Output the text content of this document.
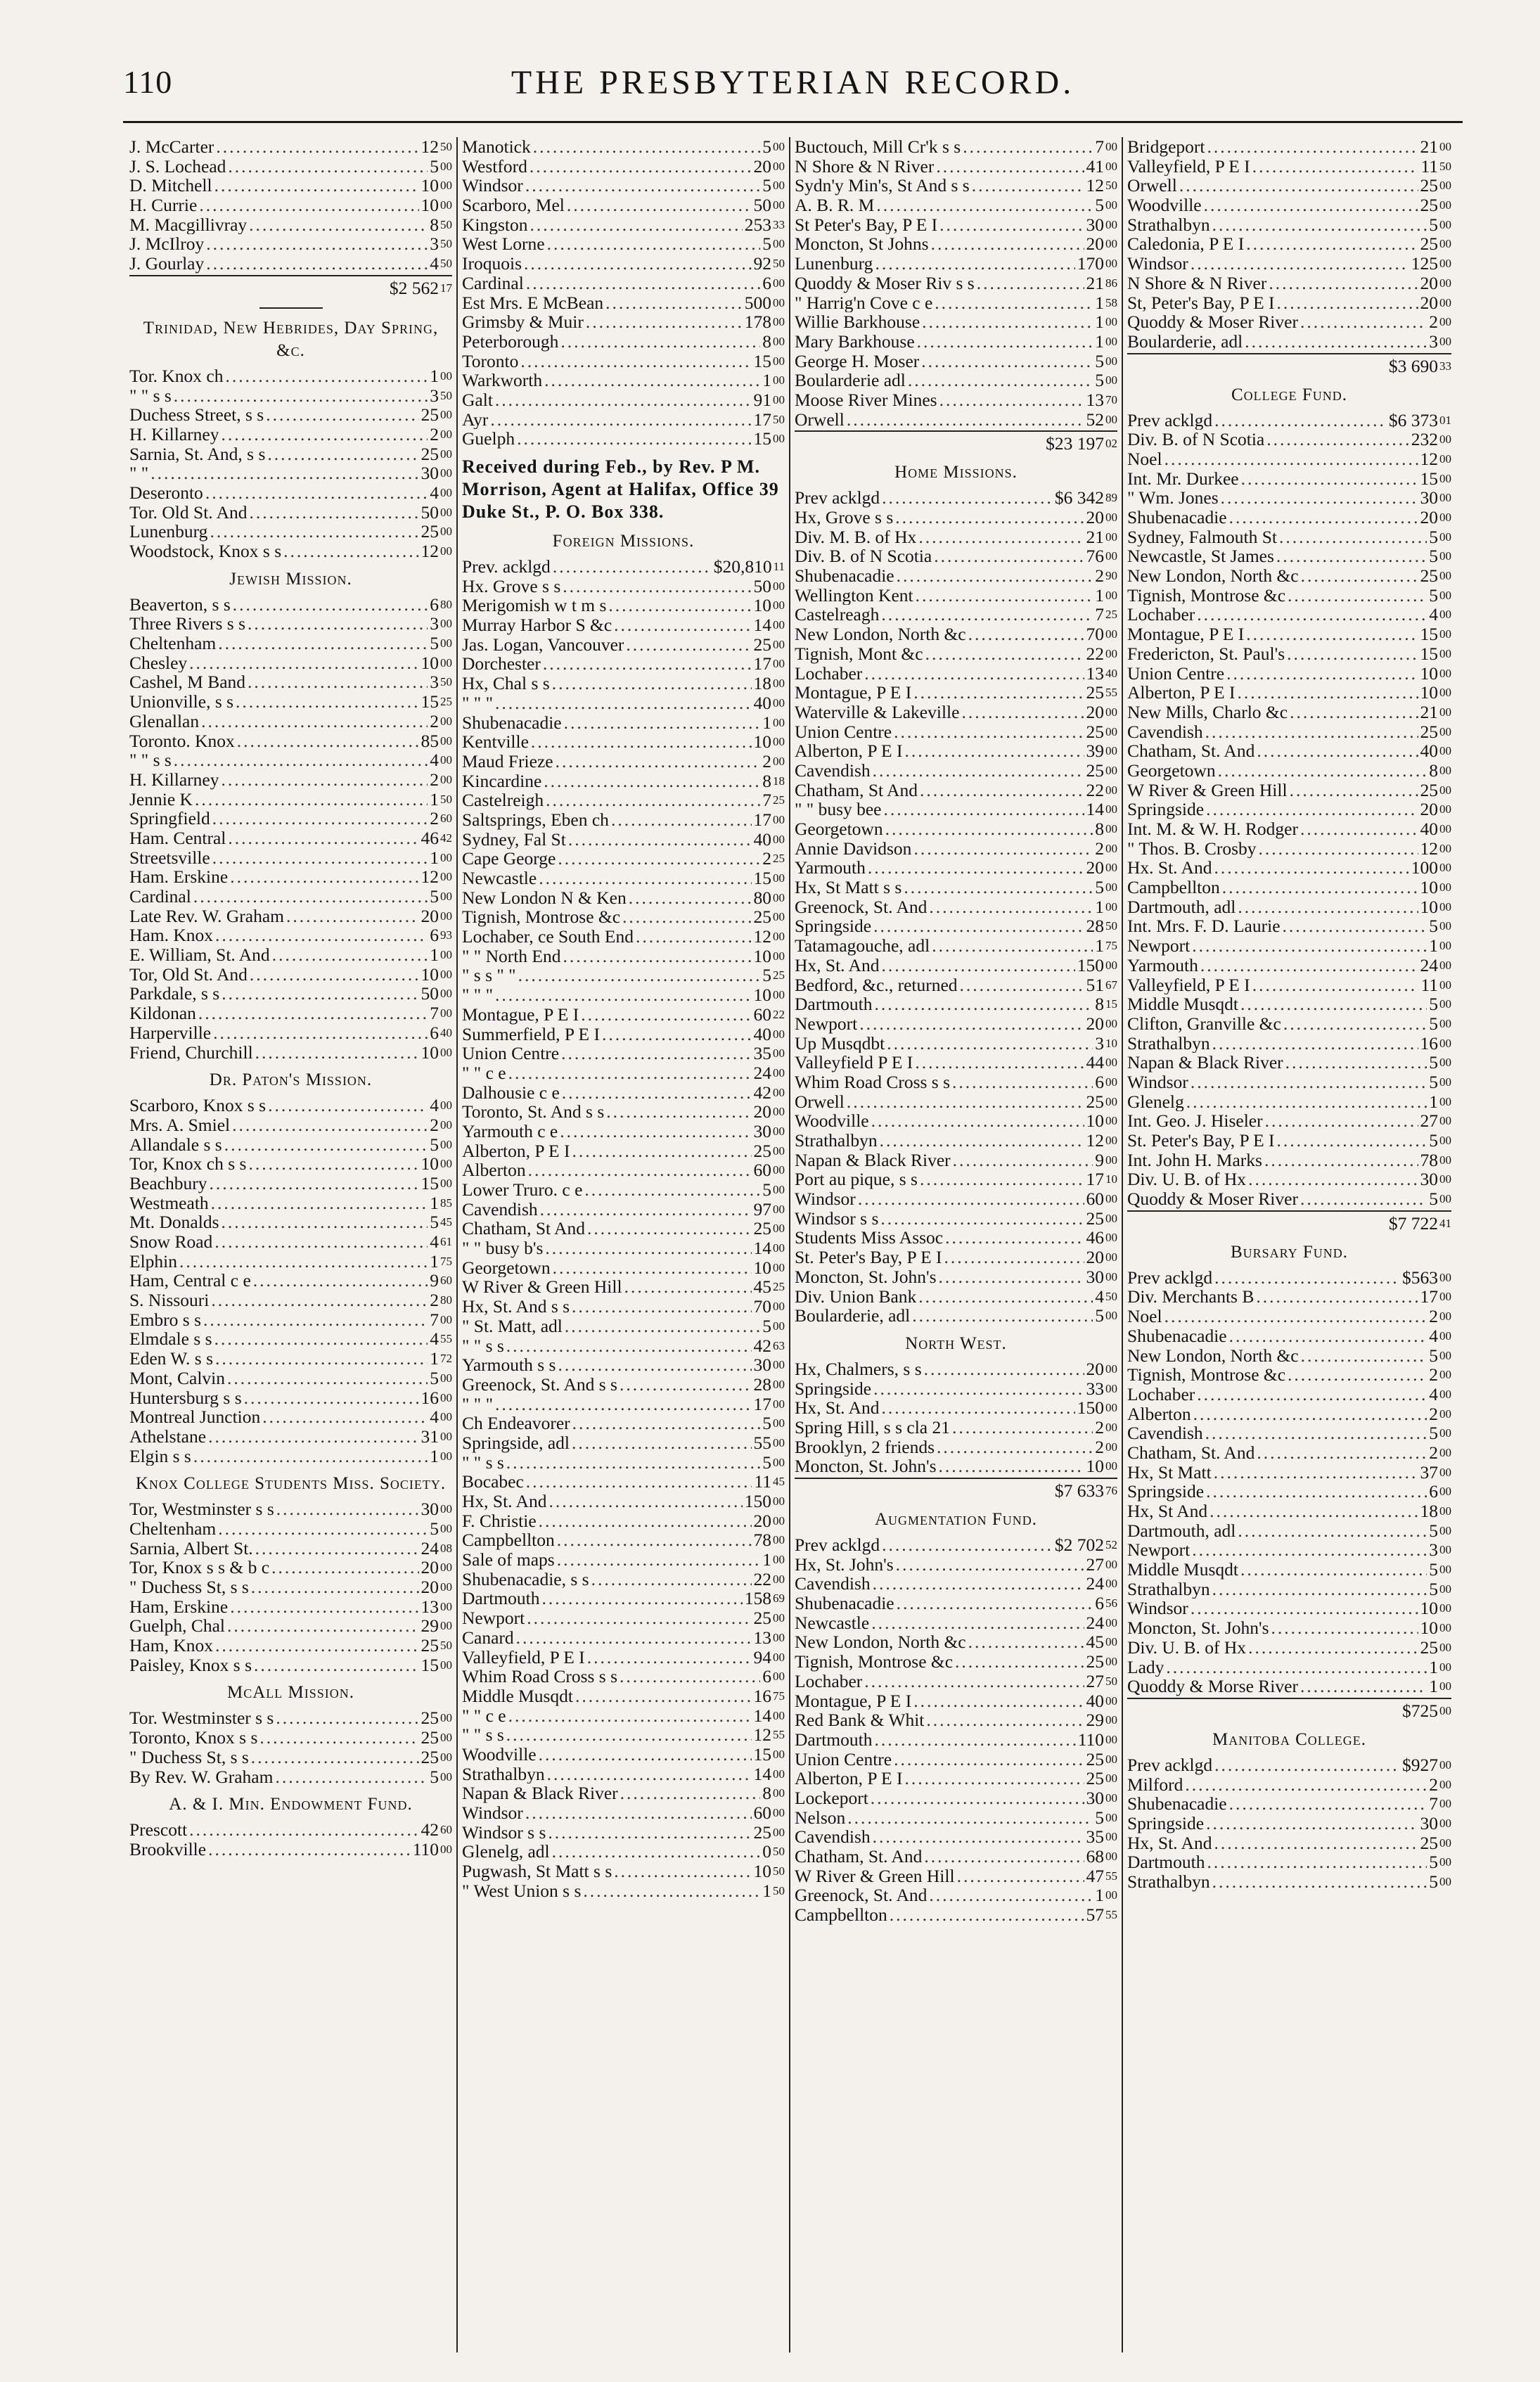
110	THE PRESBYTERIAN RECORD.
J. McCarter .....	12 $^{50}$
J. S. Lochead .....	5 $^{00}$
D. Mitchell .....	10 $^{00}$
H. Currie .....	10 $^{00}$
M. Macgillivray .....	8 $^{50}$
J. McIlroy .....	3 $^{50}$
J. Gourlay .....	4 $^{50}$
$2 562 $^{17}$
Trinidad, New Hebrides, Day Spring, &c.
Tor. Knox ch .....	1 $^{00}$
" " s s .....	3 $^{50}$
Duchess Street, s s .....	25 $^{00}$
H. Killarney .....	2 $^{00}$
Sarnia, St. And, s s .....	25 $^{00}$
" " .....	30 $^{00}$
Deseronto .....	4 $^{00}$
Tor. Old St. And .....	50 $^{00}$
Lunenburg .....	25 $^{00}$
Woodstock, Knox s s .....	12 $^{00}$
Jewish Mission.
Beaverton, s s .....	6 $^{80}$
Three Rivers s s .....	3 $^{00}$
Cheltenham .....	5 $^{00}$
Chesley .....	10 $^{00}$
Cashel, M Band .....	3 $^{50}$
Unionville, s s .....	15 $^{25}$
Glenallan .....	2 $^{00}$
Toronto. Knox .....	85 $^{00}$
" " s s .....	4 $^{00}$
H. Killarney .....	2 $^{00}$
Jennie K .....	1 $^{50}$
Springfield .....	2 $^{60}$
Ham. Central .....	46 $^{42}$
Streetsville .....	1 $^{00}$
Ham. Erskine .....	12 $^{00}$
Cardinal .....	5 $^{00}$
Late Rev. W. Graham .....	20 $^{00}$
Ham. Knox .....	6 $^{93}$
E. William, St. And .....	1 $^{00}$
Tor, Old St. And .....	10 $^{00}$
Parkdale, s s .....	50 $^{00}$
Kildonan .....	7 $^{00}$
Harperville .....	6 $^{40}$
Friend, Churchill .....	10 $^{00}$
Dr. Paton's Mission.
Scarboro, Knox s s .....	4 $^{00}$
Mrs. A. Smiel .....	2 $^{00}$
Allandale s s .....	5 $^{00}$
Tor, Knox ch s s .....	10 $^{00}$
Beachbury .....	15 $^{00}$
Westmeath .....	1 $^{85}$
Mt. Donalds .....	5 $^{45}$
Snow Road .....	4 $^{61}$
Elphin .....	1 $^{75}$
Ham, Central c e .....	9 $^{60}$
S. Nissouri .....	2 $^{80}$
Embro s s .....	7 $^{00}$
Elmdale s s .....	4 $^{55}$
Eden W. s s .....	1 $^{72}$
Mont, Calvin .....	5 $^{00}$
Huntersburg s s .....	16 $^{00}$
Montreal Junction .....	4 $^{00}$
Athelstane .....	31 $^{00}$
Elgin s s .....	1 $^{00}$
Knox College Students Miss. Society.
Tor, Westminster s s .....	30 $^{00}$
Cheltenham .....	5 $^{00}$
Sarnia, Albert St. .....	24 $^{08}$
Tor, Knox s s & b c .....	20 $^{00}$
" Duchess St, s s .....	20 $^{00}$
Ham, Erskine .....	13 $^{00}$
Guelph, Chal .....	29 $^{00}$
Ham, Knox .....	25 $^{50}$
Paisley, Knox s s .....	15 $^{00}$
McAll Mission.
Tor. Westminster s s .....	25 $^{00}$
Toronto, Knox s s .....	25 $^{00}$
" Duchess St, s s .....	25 $^{00}$
By Rev. W. Graham .....	5 $^{00}$
A. & I. Min. Endowment Fund.
Prescott .....	42 $^{60}$
Brookville .....	110 $^{00}$
Manotick .....	5 $^{00}$
Westford .....	20 $^{00}$
Windsor .....	5 $^{00}$
Scarboro, Mel .....	50 $^{00}$
Kingston .....	253 $^{33}$
West Lorne .....	5 $^{00}$
Iroquois .....	92 $^{50}$
Cardinal .....	6 $^{00}$
Est Mrs. E McBean .....	500 $^{00}$
Grimsby & Muir .....	178 $^{00}$
Peterborough .....	8 $^{00}$
Toronto .....	15 $^{00}$
Warkworth .....	1 $^{00}$
Galt .....	91 $^{00}$
Ayr .....	17 $^{50}$
Guelph .....	15 $^{00}$
Received during Feb., by Rev. P M. Morrison, Agent at Halifax, Office 39 Duke St., P. O. Box 338.
Foreign Missions.
Prev. acklgd .....	$20,810 $^{11}$
Hx. Grove s s .....	50 $^{00}$
Merigomish w t m s .....	10 $^{00}$
Murray Harbor S &c .....	14 $^{00}$
Jas. Logan, Vancouver .....	25 $^{00}$
Dorchester .....	17 $^{00}$
Hx, Chal s s .....	18 $^{00}$
" " " .....	40 $^{00}$
Shubenacadie .....	1 $^{00}$
Kentville .....	10 $^{00}$
Maud Frieze .....	2 $^{00}$
Kincardine .....	8 $^{18}$
Castelreigh .....	7 $^{25}$
Saltsprings, Eben ch .....	17 $^{00}$
Sydney, Fal St .....	40 $^{00}$
Cape George .....	2 $^{25}$
Newcastle .....	15 $^{00}$
New London N & Ken .....	80 $^{00}$
Tignish, Montrose &c .....	25 $^{00}$
Lochaber, ce South End .....	12 $^{00}$
" " North End .....	10 $^{00}$
" s s " " .....	5 $^{25}$
" " " .....	10 $^{00}$
Montague, P E I .....	60 $^{22}$
Summerfield, P E I .....	40 $^{00}$
Union Centre .....	35 $^{00}$
" " c e .....	24 $^{00}$
Dalhousie c e .....	42 $^{00}$
Toronto, St. And s s .....	20 $^{00}$
Yarmouth c e .....	30 $^{00}$
Alberton, P E I .....	25 $^{00}$
Alberton .....	60 $^{00}$
Lower Truro. c e .....	5 $^{00}$
Cavendish .....	97 $^{00}$
Chatham, St And .....	25 $^{00}$
" " busy b's .....	14 $^{00}$
Georgetown .....	10 $^{00}$
W River & Green Hill .....	45 $^{25}$
Hx, St. And s s .....	70 $^{00}$
" St. Matt, adl .....	5 $^{00}$
" " s s .....	42 $^{63}$
Yarmouth s s .....	30 $^{00}$
Greenock, St. And s s .....	28 $^{00}$
" " " .....	17 $^{00}$
Ch Endeavorer .....	5 $^{00}$
Springside, adl .....	55 $^{00}$
" " s s .....	5 $^{00}$
Bocabec .....	11 $^{45}$
Hx, St. And .....	150 $^{00}$
F. Christie .....	20 $^{00}$
Campbellton .....	78 $^{00}$
Sale of maps .....	1 $^{00}$
Shubenacadie, s s .....	22 $^{00}$
Dartmouth .....	158 $^{69}$
Newport .....	25 $^{00}$
Canard .....	13 $^{00}$
Valleyfield, P E I .....	94 $^{00}$
Whim Road Cross s s .....	6 $^{00}$
Middle Musqdt .....	16 $^{75}$
" " c e .....	14 $^{00}$
" " s s .....	12 $^{55}$
Woodville .....	15 $^{00}$
Strathalbyn .....	14 $^{00}$
Napan & Black River .....	8 $^{00}$
Windsor .....	60 $^{00}$
Windsor s s .....	25 $^{00}$
Glenelg, adl .....	0 $^{50}$
Pugwash, St Matt s s .....	10 $^{50}$
" West Union s s .....	1 $^{50}$
Buctouch, Mill Cr'k s s .....	7 $^{00}$
N Shore & N River .....	41 $^{00}$
Sydn'y Min's, St And s s .....	12 $^{50}$
A. B. R. M .....	5 $^{00}$
St Peter's Bay, P E I .....	30 $^{00}$
Moncton, St Johns .....	20 $^{00}$
Lunenburg .....	170 $^{00}$
Quoddy & Moser Riv s s .....	21 $^{86}$
" Harrig'n Cove c e .....	1 $^{58}$
Willie Barkhouse .....	1 $^{00}$
Mary Barkhouse .....	1 $^{00}$
George H. Moser .....	5 $^{00}$
Boularderie adl .....	5 $^{00}$
Moose River Mines .....	13 $^{70}$
Orwell .....	52 $^{00}$
$23 197 $^{02}$
Home Missions.
Prev acklgd .....	$6 342 $^{89}$
Hx, Grove s s .....	20 $^{00}$
Div. M. B. of Hx .....	21 $^{00}$
Div. B. of N Scotia .....	76 $^{00}$
Shubenacadie .....	2 $^{90}$
Wellington Kent .....	1 $^{00}$
Castelreagh .....	7 $^{25}$
New London, North &c .....	70 $^{00}$
Tignish, Mont &c .....	22 $^{00}$
Lochaber .....	13 $^{40}$
Montague, P E I .....	25 $^{55}$
Waterville & Lakeville .....	20 $^{00}$
Union Centre .....	25 $^{00}$
Alberton, P E I .....	39 $^{00}$
Cavendish .....	25 $^{00}$
Chatham, St And .....	22 $^{00}$
" " busy bee .....	14 $^{00}$
Georgetown .....	8 $^{00}$
Annie Davidson .....	2 $^{00}$
Yarmouth .....	20 $^{00}$
Hx, St Matt s s .....	5 $^{00}$
Greenock, St. And .....	1 $^{00}$
Springside .....	28 $^{50}$
Tatamagouche, adl .....	1 $^{75}$
Hx, St. And .....	150 $^{00}$
Bedford, &c., returned .....	51 $^{67}$
Dartmouth .....	8 $^{15}$
Newport .....	20 $^{00}$
Up Musqdbt .....	3 $^{10}$
Valleyfield P E I .....	44 $^{00}$
Whim Road Cross s s .....	6 $^{00}$
Orwell .....	25 $^{00}$
Woodville .....	10 $^{00}$
Strathalbyn .....	12 $^{00}$
Napan & Black River .....	9 $^{00}$
Port au pique, s s .....	17 $^{10}$
Windsor .....	60 $^{00}$
Windsor s s .....	25 $^{00}$
Students Miss Assoc .....	46 $^{00}$
St. Peter's Bay, P E I .....	20 $^{00}$
Moncton, St. John's .....	30 $^{00}$
Div. Union Bank .....	4 $^{50}$
Boularderie, adl .....	5 $^{00}$
North West.
Hx, Chalmers, s s .....	20 $^{00}$
Springside .....	33 $^{00}$
Hx, St. And .....	150 $^{00}$
Spring Hill, s s cla 21 .....	2 $^{00}$
Brooklyn, 2 friends .....	2 $^{00}$
Moncton, St. John's .....	10 $^{00}$
$7 633 $^{76}$
Augmentation Fund.
Prev acklgd .....	$2 702 $^{52}$
Hx, St. John's .....	27 $^{00}$
Cavendish .....	24 $^{00}$
Shubenacadie .....	6 $^{56}$
Newcastle .....	24 $^{00}$
New London, North &c .....	45 $^{00}$
Tignish, Montrose &c .....	25 $^{00}$
Lochaber .....	27 $^{50}$
Montague, P E I .....	40 $^{00}$
Red Bank & Whit .....	29 $^{00}$
Dartmouth .....	110 $^{00}$
Union Centre .....	25 $^{00}$
Alberton, P E I .....	25 $^{00}$
Lockeport .....	30 $^{00}$
Nelson .....	5 $^{00}$
Cavendish .....	35 $^{00}$
Chatham, St. And .....	68 $^{00}$
W River & Green Hill .....	47 $^{55}$
Greenock, St. And .....	1 $^{00}$
Campbellton .....	57 $^{55}$
Bridgeport .....	21 $^{00}$
Valleyfield, P E I .....	11 $^{50}$
Orwell .....	25 $^{00}$
Woodville .....	25 $^{00}$
Strathalbyn .....	5 $^{00}$
Caledonia, P E I .....	25 $^{00}$
Windsor .....	125 $^{00}$
N Shore & N River .....	20 $^{00}$
St, Peter's Bay, P E I .....	20 $^{00}$
Quoddy & Moser River .....	2 $^{00}$
Boularderie, adl .....	3 $^{00}$
$3 690 $^{33}$
College Fund.
Prev acklgd .....	$6 373 $^{01}$
Div. B. of N Scotia .....	232 $^{00}$
Noel .....	12 $^{00}$
Int. Mr. Durkee .....	15 $^{00}$
" Wm. Jones .....	30 $^{00}$
Shubenacadie .....	20 $^{00}$
Sydney, Falmouth St .....	5 $^{00}$
Newcastle, St James .....	5 $^{00}$
New London, North &c .....	25 $^{00}$
Tignish, Montrose &c .....	5 $^{00}$
Lochaber .....	4 $^{00}$
Montague, P E I .....	15 $^{00}$
Fredericton, St. Paul's .....	15 $^{00}$
Union Centre .....	10 $^{00}$
Alberton, P E I .....	10 $^{00}$
New Mills, Charlo &c .....	21 $^{00}$
Cavendish .....	25 $^{00}$
Chatham, St. And .....	40 $^{00}$
Georgetown .....	8 $^{00}$
W River & Green Hill .....	25 $^{00}$
Springside .....	20 $^{00}$
Int. M. & W. H. Rodger .....	40 $^{00}$
" Thos. B. Crosby .....	12 $^{00}$
Hx. St. And .....	100 $^{00}$
Campbellton .....	10 $^{00}$
Dartmouth, adl .....	10 $^{00}$
Int. Mrs. F. D. Laurie .....	5 $^{00}$
Newport .....	1 $^{00}$
Yarmouth .....	24 $^{00}$
Valleyfield, P E I .....	11 $^{00}$
Middle Musqdt .....	5 $^{00}$
Clifton, Granville &c .....	5 $^{00}$
Strathalbyn .....	16 $^{00}$
Napan & Black River .....	5 $^{00}$
Windsor .....	5 $^{00}$
Glenelg .....	1 $^{00}$
Int. Geo. J. Hiseler .....	27 $^{00}$
St. Peter's Bay, P E I .....	5 $^{00}$
Int. John H. Marks .....	78 $^{00}$
Div. U. B. of Hx .....	30 $^{00}$
Quoddy & Moser River .....	5 $^{00}$
$7 722 $^{41}$
Bursary Fund.
Prev acklgd .....	$563 $^{00}$
Div. Merchants B .....	17 $^{00}$
Noel .....	2 $^{00}$
Shubenacadie .....	4 $^{00}$
New London, North &c .....	5 $^{00}$
Tignish, Montrose &c .....	2 $^{00}$
Lochaber .....	4 $^{00}$
Alberton .....	2 $^{00}$
Cavendish .....	5 $^{00}$
Chatham, St. And .....	2 $^{00}$
Hx, St Matt .....	37 $^{00}$
Springside .....	6 $^{00}$
Hx, St And .....	18 $^{00}$
Dartmouth, adl .....	5 $^{00}$
Newport .....	3 $^{00}$
Middle Musqdt .....	5 $^{00}$
Strathalbyn .....	5 $^{00}$
Windsor .....	10 $^{00}$
Moncton, St. John's .....	10 $^{00}$
Div. U. B. of Hx .....	25 $^{00}$
Lady .....	1 $^{00}$
Quoddy & Morse River .....	1 $^{00}$
$725 $^{00}$
Manitoba College.
Prev acklgd .....	$927 $^{00}$
Milford .....	2 $^{00}$
Shubenacadie .....	7 $^{00}$
Springside .....	30 $^{00}$
Hx, St. And .....	25 $^{00}$
Dartmouth .....	5 $^{00}$
Strathalbyn .....	5 $^{00}$
